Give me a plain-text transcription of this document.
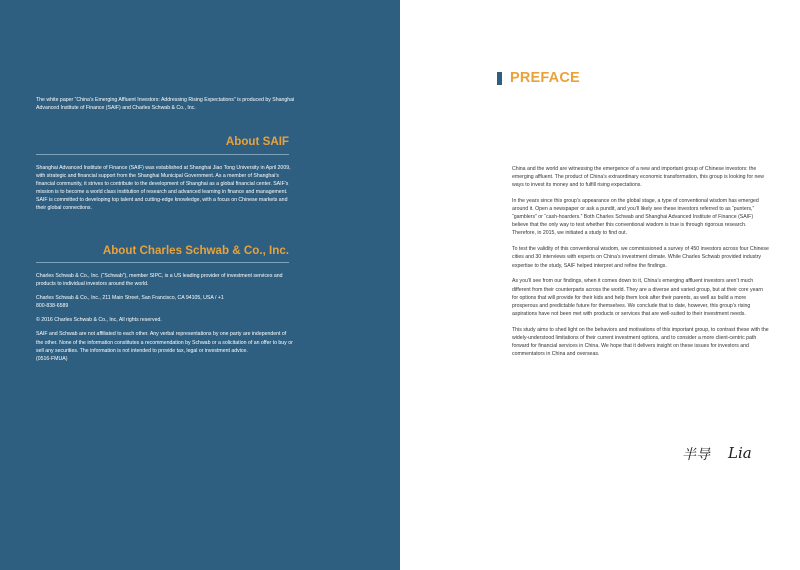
The white paper “China’s Emerging Affluent Investors: Addressing Rising Expectations” is produced by Shanghai Advanced Institute of Finance (SAIF) and Charles Schwab & Co., Inc.

About SAIF

Shanghai Advanced Institute of Finance (SAIF) was established at Shanghai Jiao Tong University in April 2009, with strategic and financial support from the Shanghai Municipal Government. As a member of Shanghai’s financial community, it strives to contribute to the development of Shanghai as a global financial center. SAIF’s mission is to become a world class institution of research and advanced learning in finance and management. SAIF is committed to developing top talent and cutting-edge knowledge, with a focus on Chinese markets and their global connections.

About Charles Schwab & Co., Inc.

Charles Schwab & Co., Inc. (“Schwab”), member SIPC, is a US leading provider of investment services and products to individual investors around the world.

Charles Schwab & Co., Inc., 211 Main Street, San Francisco, CA 94105, USA / +1
800-838-6589

© 2016 Charles Schwab & Co., Inc, All rights reserved.

SAIF and Schwab are not affiliated to each other. Any verbal representations by one party are independent of the other. None of the information constitutes a recommendation by Schwab or a solicitation of an offer to buy or sell any securities. The information is not intended to provide tax, legal or investment advice.

(0516-FMUA)

PREFACE

China and the world are witnessing the emergence of a new and important group of Chinese investors: the emerging affluent. The product of China’s extraordinary economic transformation, this group is looking for new ways to invest its money and to fulfill rising expectations.

In the years since this group’s appearance on the global stage, a type of conventional wisdom has emerged around it. Open a newspaper or ask a pundit, and you’ll likely see these investors referred to as “punters,” “gamblers” or “cash-hoarders.” Both Charles Schwab and Shanghai Advanced Institute of Finance (SAIF) believe that the only way to test whether this conventional wisdom is true is through rigorous research. Therefore, in 2015, we initiated a study to find out.

To test the validity of this conventional wisdom, we commissioned a survey of 450 investors across four Chinese cities and 30 interviews with experts on China’s investment climate. While Charles Schwab provided industry expertise to the study, SAIF helped interpret and refine the findings.

As you’ll see from our findings, when it comes down to it, China’s emerging affluent investors aren’t much different from their counterparts across the world. They are a diverse and varied group, but at their core yearn for options that will provide for their kids and help them look after their parents, as well as build a more prosperous and predictable future for themselves. We conclude that to date, however, this group’s rising aspirations have not been met with products or services that are well-suited to their investment needs.

This study aims to shed light on the behaviors and motivations of this important group, to contrast these with the widely-understood limitations of their current investment options, and to consider a more client-centric path forward for financial services in China. We hope that it delivers insight on these issues for investors and commentators in China and overseas.

半导 Lia
